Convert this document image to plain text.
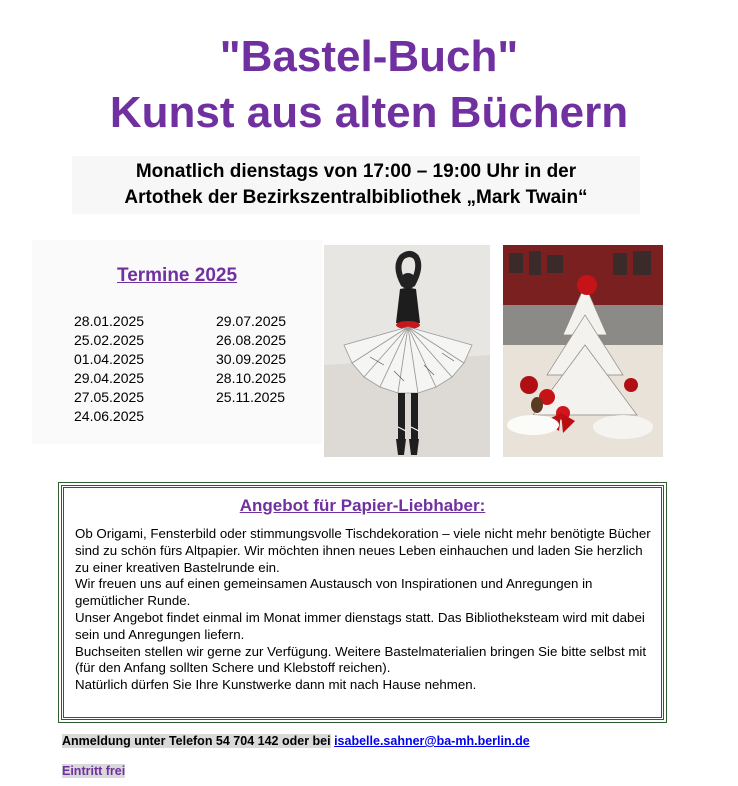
"Bastel-Buch"
Kunst aus alten Büchern
Monatlich dienstags von 17:00 – 19:00 Uhr in der
Artothek der Bezirkszentralbibliothek „Mark Twain“
Termine 2025
28.01.2025
25.02.2025
01.04.2025
29.04.2025
27.05.2025
24.06.2025
29.07.2025
26.08.2025
30.09.2025
28.10.2025
25.11.2025
Angebot für Papier-Liebhaber:

Ob Origami, Fensterbild oder stimmungsvolle Tischdekoration – viele nicht mehr benötigte Bücher sind zu schön fürs Altpapier. Wir möchten ihnen neues Leben einhauchen und laden Sie herzlich zu einer kreativen Bastelrunde ein.

Wir freuen uns auf einen gemeinsamen Austausch von Inspirationen und Anregungen in gemütlicher Runde.

Unser Angebot findet einmal im Monat immer dienstags statt. Das Bibliotheksteam wird mit dabei sein und Anregungen liefern.

Buchseiten stellen wir gerne zur Verfügung. Weitere Bastelmaterialien bringen Sie bitte selbst mit (für den Anfang sollten Schere und Klebstoff reichen).

Natürlich dürfen Sie Ihre Kunstwerke dann mit nach Hause nehmen.

Anmeldung unter Telefon 54 704 142 oder bei isabelle.sahner@ba-mh.berlin.de
Eintritt frei
